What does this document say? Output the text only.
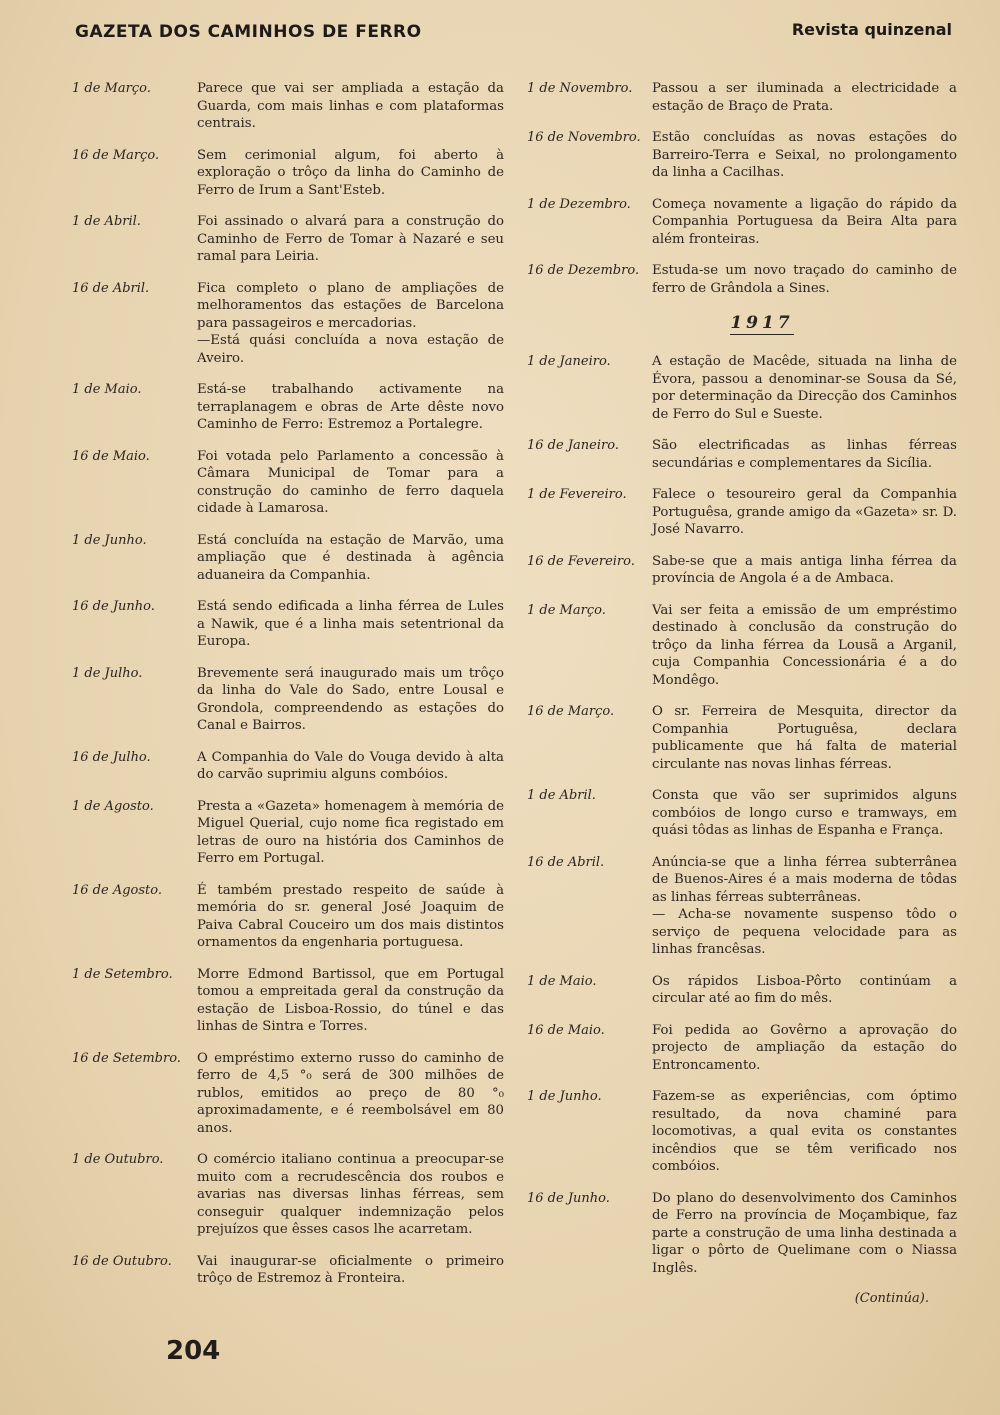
GAZETA DOS CAMINHOS DE FERRO	Revista quinzenal
1 de Março.	Parece que vai ser ampliada a estação da Guarda, com mais linhas e com plataformas centrais.
16 de Março.	Sem cerimonial algum, foi aberto à exploração o trôço da linha do Caminho de Ferro de Irum a Sant'Esteb.
1 de Abril.	Foi assinado o alvará para a construção do Caminho de Ferro de Tomar à Nazaré e seu ramal para Leiria.
16 de Abril.	Fica completo o plano de ampliações de melhoramentos das estações de Barcelona para passageiros e mercadorias.
—Está quási concluída a nova estação de Aveiro.
1 de Maio.	Está-se trabalhando activamente na terraplanagem e obras de Arte dêste novo Caminho de Ferro: Estremoz a Portalegre.
16 de Maio.	Foi votada pelo Parlamento a concessão à Câmara Municipal de Tomar para a construção do caminho de ferro daquela cidade à Lamarosa.
1 de Junho.	Está concluída na estação de Marvão, uma ampliação que é destinada à agência aduaneira da Companhia.
16 de Junho.	Está sendo edificada a linha férrea de Lules a Nawik, que é a linha mais setentrional da Europa.
1 de Julho.	Brevemente será inaugurado mais um trôço da linha do Vale do Sado, entre Lousal e Grondola, compreendendo as estações do Canal e Bairros.
16 de Julho.	A Companhia do Vale do Vouga devido à alta do carvão suprimiu alguns combóios.
1 de Agosto.	Presta a «Gazeta» homenagem à memória de Miguel Querial, cujo nome fica registado em letras de ouro na história dos Caminhos de Ferro em Portugal.
16 de Agosto.	É também prestado respeito de saúde à memória do sr. general José Joaquim de Paiva Cabral Couceiro um dos mais distintos ornamentos da engenharia portuguesa.
1 de Setembro.	Morre Edmond Bartissol, que em Portugal tomou a empreitada geral da construção da estação de Lisboa-Rossio, do túnel e das linhas de Sintra e Torres.
16 de Setembro.	O empréstimo externo russo do caminho de ferro de 4,5 °₀ será de 300 milhões de rublos, emitidos ao preço de 80 °₀ aproximadamente, e é reembolsável em 80 anos.
1 de Outubro.	O comércio italiano continua a preocupar-se muito com a recrudescência dos roubos e avarias nas diversas linhas férreas, sem conseguir qualquer indemnização pelos prejuízos que êsses casos lhe acarretam.
16 de Outubro.	Vai inaugurar-se oficialmente o primeiro trôço de Estremoz à Fronteira.
1 de Novembro.	Passou a ser iluminada a electricidade a estação de Braço de Prata.
16 de Novembro. Estão concluídas as novas estações do Barreiro-Terra e Seixal, no prolongamento da linha a Cacilhas.
1 de Dezembro.	Começa novamente a ligação do rápido da Companhia Portuguesa da Beira Alta para além fronteiras.
16 de Dezembro. Estuda-se um novo traçado do caminho de ferro de Grândola a Sines.
1917
1 de Janeiro.	A estação de Macêde, situada na linha de Évora, passou a denominar-se Sousa da Sé, por determinação da Direcção dos Caminhos de Ferro do Sul e Sueste.
16 de Janeiro.	São electrificadas as linhas férreas secundárias e complementares da Sicília.
1 de Fevereiro.	Falece o tesoureiro geral da Companhia Portuguêsa, grande amigo da «Gazeta» sr. D. José Navarro.
16 de Fevereiro.	Sabe-se que a mais antiga linha férrea da província de Angola é a de Ambaca.
1 de Março.	Vai ser feita a emissão de um empréstimo destinado à conclusão da construção do trôço da linha férrea da Lousã a Arganil, cuja Companhia Concessionária é a do Mondêgo.
16 de Março.	O sr. Ferreira de Mesquita, director da Companhia Portuguêsa, declara publicamente que há falta de material circulante nas novas linhas férreas.
1 de Abril.	Consta que vão ser suprimidos alguns combóios de longo curso e tramways, em quási tôdas as linhas de Espanha e França.
16 de Abril.	Anúncia-se que a linha férrea subterrânea de Buenos-Aires é a mais moderna de tôdas as linhas férreas subterrâneas.
— Acha-se novamente suspenso tôdo o serviço de pequena velocidade para as linhas francêsas.
1 de Maio.	Os rápidos Lisboa-Pôrto continúam a circular até ao fim do mês.
16 de Maio.	Foi pedida ao Govêrno a aprovação do projecto de ampliação da estação do Entroncamento.
1 de Junho.	Fazem-se as experiências, com óptimo resultado, da nova chaminé para locomotivas, a qual evita os constantes incêndios que se têm verificado nos combóios.
16 de Junho.	Do plano do desenvolvimento dos Caminhos de Ferro na província de Moçambique, faz parte a construção de uma linha destinada a ligar o pôrto de Quelimane com o Niassa Inglês.
(Continúa).
204
